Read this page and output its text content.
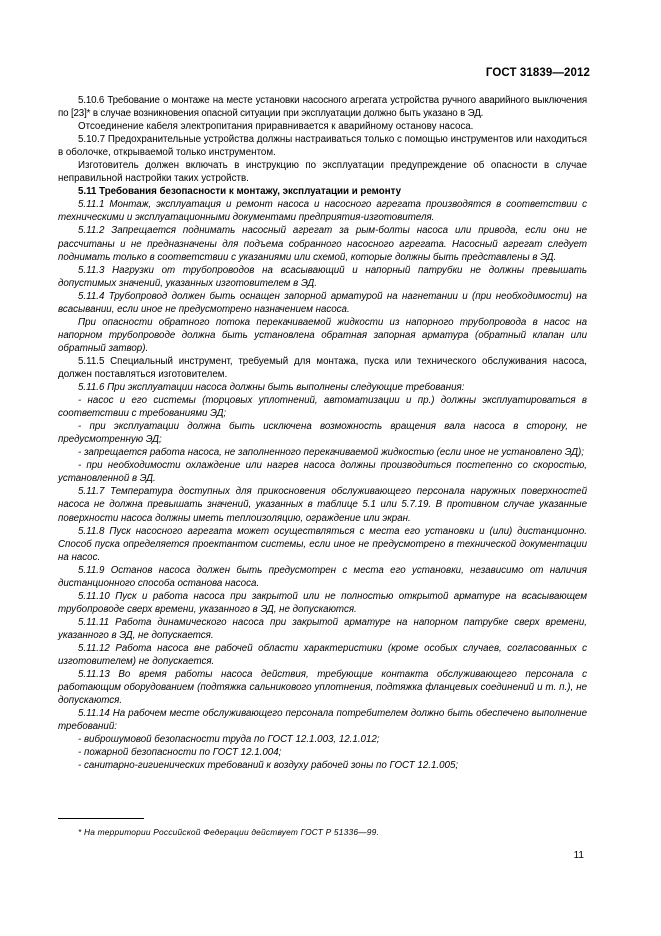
ГОСТ 31839—2012

5.10.6 Требование о монтаже на месте установки насосного агрегата устройства ручного аварийного выключения по [23]* в случае возникновения опасной ситуации при эксплуатации должно быть указано в ЭД.

Отсоединение кабеля электропитания приравнивается к аварийному останову насоса.

5.10.7 Предохранительные устройства должны настраиваться только с помощью инструментов или находиться в оболочке, открываемой только инструментом.

Изготовитель должен включать в инструкцию по эксплуатации предупреждение об опасности в случае неправильной настройки таких устройств.

5.11 Требования безопасности к монтажу, эксплуатации и ремонту

5.11.1 Монтаж, эксплуатация и ремонт насоса и насосного агрегата производятся в соответствии с техническими и эксплуатационными документами предприятия-изготовителя.

5.11.2 Запрещается поднимать насосный агрегат за рым-болты насоса или привода, если они не рассчитаны и не предназначены для подъема собранного насосного агрегата. Насосный агрегат следует поднимать только в соответствии с указаниями или схемой, которые должны быть представлены в ЭД.

5.11.3 Нагрузки от трубопроводов на всасывающий и напорный патрубки не должны превышать допустимых значений, указанных изготовителем в ЭД.

5.11.4 Трубопровод должен быть оснащен запорной арматурой на нагнетании и (при необходимости) на всасывании, если иное не предусмотрено назначением насоса.

При опасности обратного потока перекачиваемой жидкости из напорного трубопровода в насос на напорном трубопроводе должна быть установлена обратная запорная арматура (обратный клапан или обратный затвор).

5.11.5 Специальный инструмент, требуемый для монтажа, пуска или технического обслуживания насоса, должен поставляться изготовителем.

5.11.6 При эксплуатации насоса должны быть выполнены следующие требования:

- насос и его системы (торцовых уплотнений, автоматизации и пр.) должны эксплуатироваться в соответствии с требованиями ЭД;

- при эксплуатации должна быть исключена возможность вращения вала насоса в сторону, не предусмотренную ЭД;

- запрещается работа насоса, не заполненного перекачиваемой жидкостью (если иное не установлено ЭД);

- при необходимости охлаждение или нагрев насоса должны производиться постепенно со скоростью, установленной в ЭД.

5.11.7 Температура доступных для прикосновения обслуживающего персонала наружных поверхностей насоса не должна превышать значений, указанных в таблице 5.1 или 5.7.19. В противном случае указанные поверхности насоса должны иметь теплоизоляцию, ограждение или экран.

5.11.8 Пуск насосного агрегата может осуществляться с места его установки и (или) дистанционно. Способ пуска определяется проектантом системы, если иное не предусмотрено в технической документации на насос.

5.11.9 Останов насоса должен быть предусмотрен с места его установки, независимо от наличия дистанционного способа останова насоса.

5.11.10 Пуск и работа насоса при закрытой или не полностью открытой арматуре на всасывающем трубопроводе сверх времени, указанного в ЭД, не допускаются.

5.11.11 Работа динамического насоса при закрытой арматуре на напорном патрубке сверх времени, указанного в ЭД, не допускается.

5.11.12 Работа насоса вне рабочей области характеристики (кроме особых случаев, согласованных с изготовителем) не допускается.

5.11.13 Во время работы насоса действия, требующие контакта обслуживающего персонала с работающим оборудованием (подтяжка сальникового уплотнения, подтяжка фланцевых соединений и т. п.), не допускаются.

5.11.14 На рабочем месте обслуживающего персонала потребителем должно быть обеспечено выполнение требований:

- виброшумовой безопасности труда по ГОСТ 12.1.003, 12.1.012;

- пожарной безопасности по ГОСТ 12.1.004;

- санитарно-гигиенических требований к воздуху рабочей зоны по ГОСТ 12.1.005;

* На территории Российской Федерации действует ГОСТ Р 51336—99.
11
